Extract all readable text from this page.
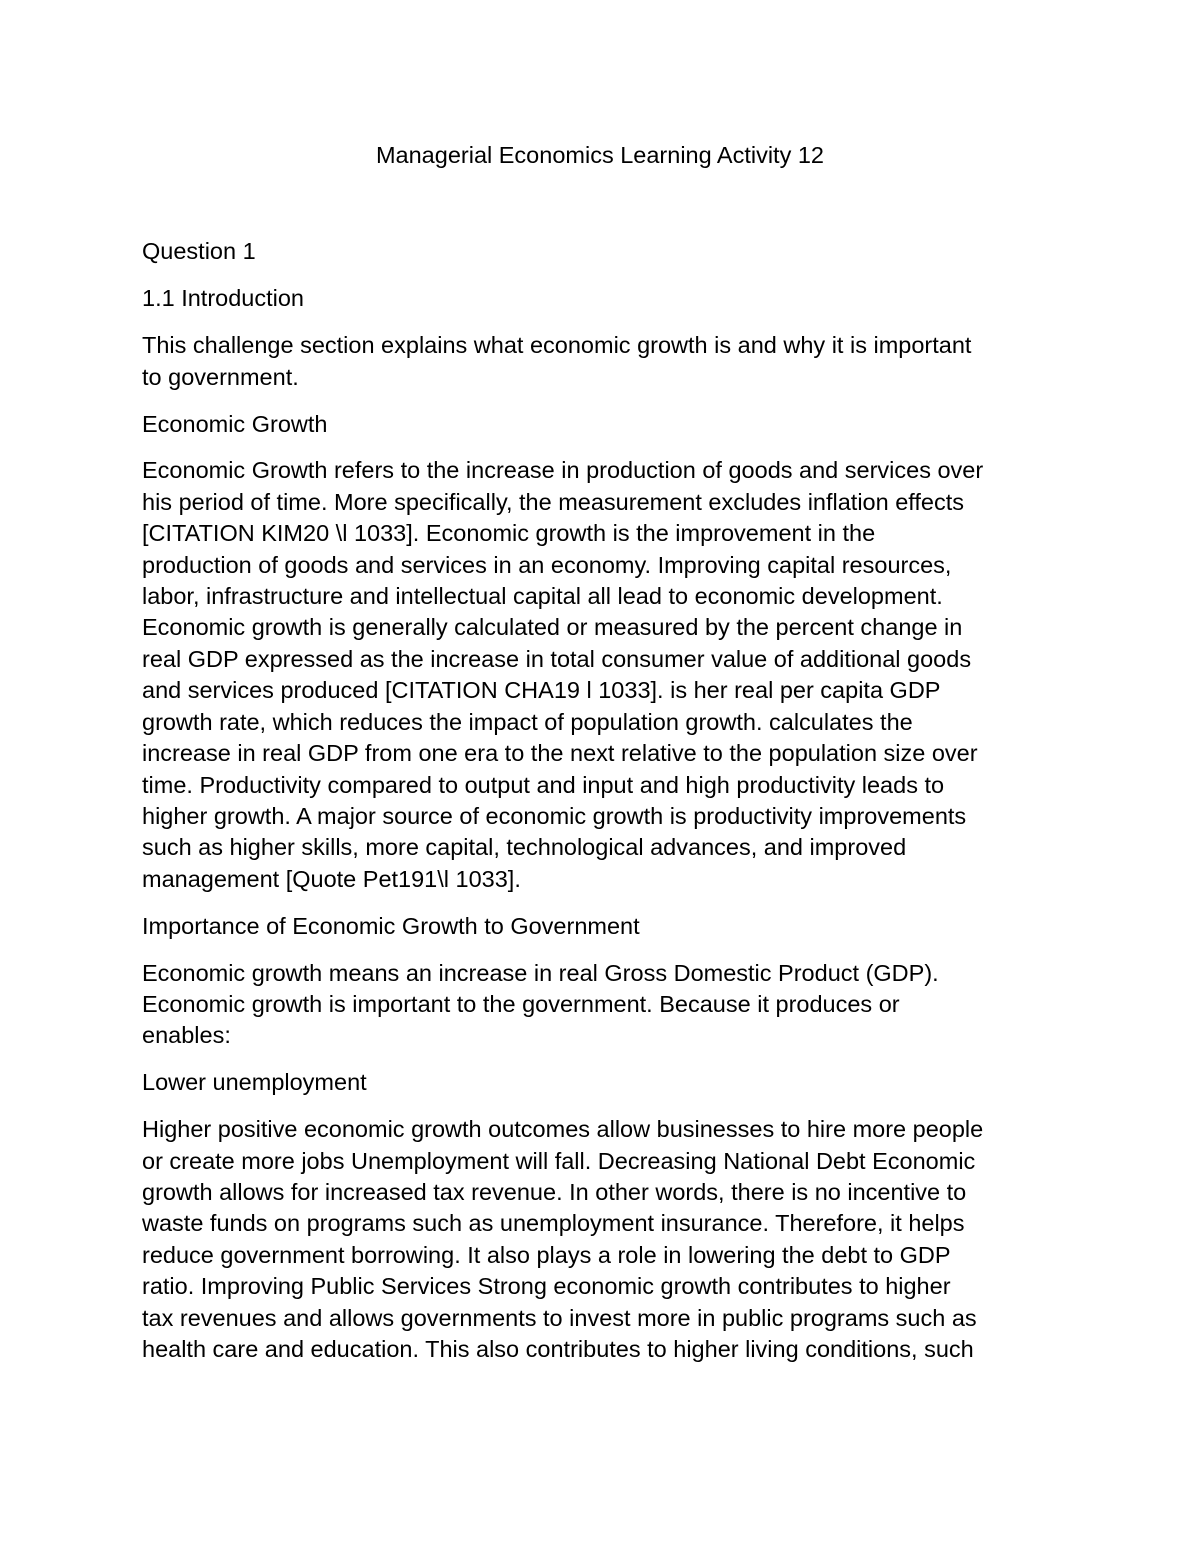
Managerial Economics Learning Activity 12
Question 1
1.1 Introduction
This challenge section explains what economic growth is and why it is important
to government.
Economic Growth
Economic Growth refers to the increase in production of goods and services over
his period of time. More specifically, the measurement excludes inflation effects
[CITATION KIM20 \l 1033]. Economic growth is the improvement in the
production of goods and services in an economy. Improving capital resources,
labor, infrastructure and intellectual capital all lead to economic development.
Economic growth is generally calculated or measured by the percent change in
real GDP expressed as the increase in total consumer value of additional goods
and services produced [CITATION CHA19 l 1033]. is her real per capita GDP
growth rate, which reduces the impact of population growth. calculates the
increase in real GDP from one era to the next relative to the population size over
time. Productivity compared to output and input and high productivity leads to
higher growth. A major source of economic growth is productivity improvements
such as higher skills, more capital, technological advances, and improved
management [Quote Pet191\l 1033].
Importance of Economic Growth to Government
Economic growth means an increase in real Gross Domestic Product (GDP).
Economic growth is important to the government. Because it produces or
enables:
Lower unemployment
Higher positive economic growth outcomes allow businesses to hire more people
or create more jobs Unemployment will fall. Decreasing National Debt Economic
growth allows for increased tax revenue. In other words, there is no incentive to
waste funds on programs such as unemployment insurance. Therefore, it helps
reduce government borrowing. It also plays a role in lowering the debt to GDP
ratio. Improving Public Services Strong economic growth contributes to higher
tax revenues and allows governments to invest more in public programs such as
health care and education. This also contributes to higher living conditions, such
